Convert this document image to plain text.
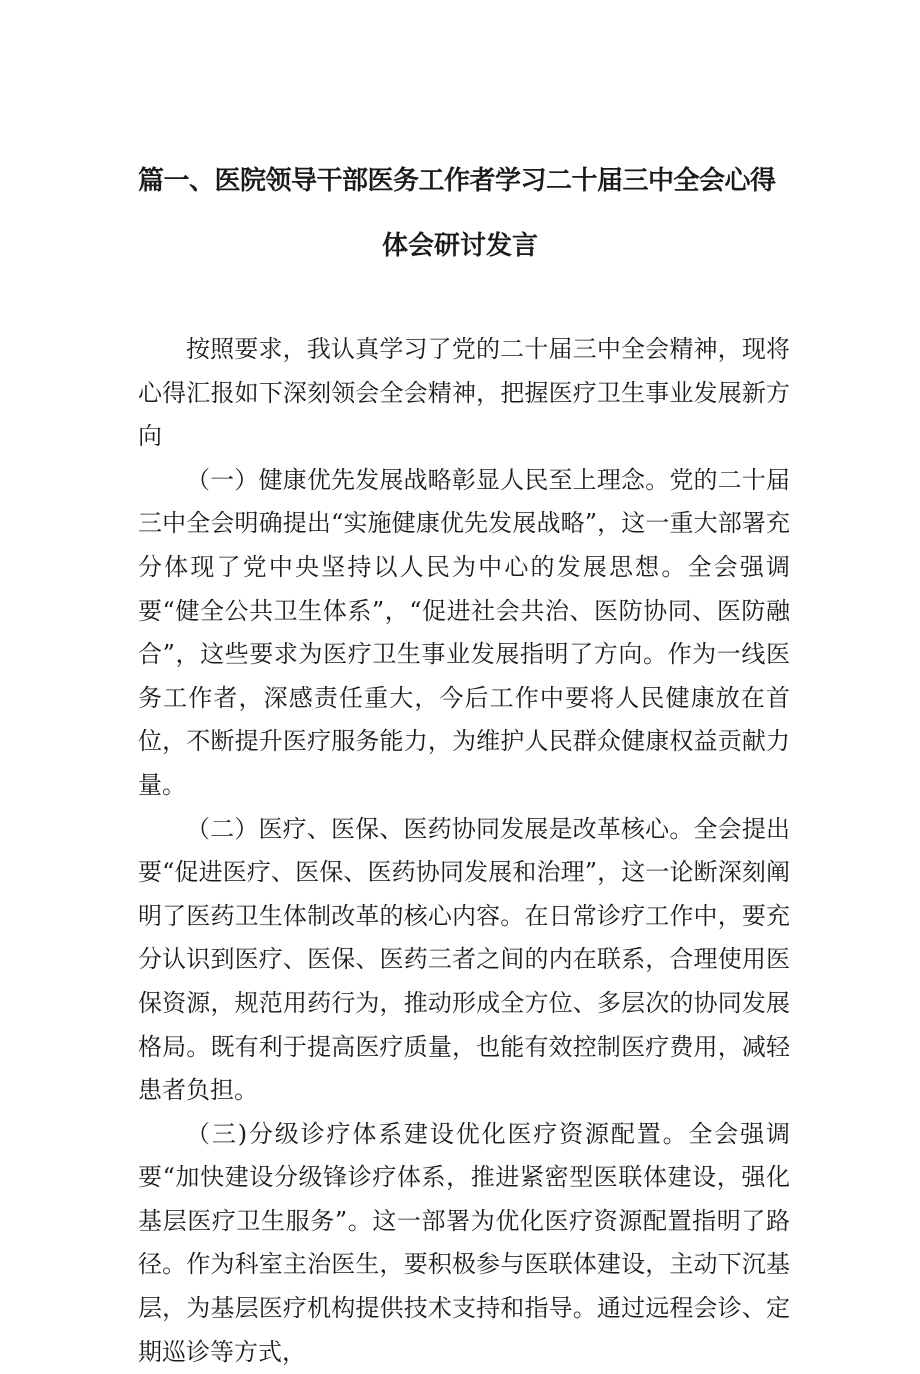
篇一、医院领导干部医务工作者学习二十届三中全会心得
体会研讨发言

按照要求，我认真学习了党的二十届三中全会精神，现将心得汇报如下深刻领会全会精神，把握医疗卫生事业发展新方向

（一）健康优先发展战略彰显人民至上理念。党的二十届三中全会明确提出“实施健康优先发展战略”，这一重大部署充分体现了党中央坚持以人民为中心的发展思想。全会强调要“健全公共卫生体系”，“促进社会共治、医防协同、医防融合”，这些要求为医疗卫生事业发展指明了方向。作为一线医务工作者，深感责任重大，今后工作中要将人民健康放在首位，不断提升医疗服务能力，为维护人民群众健康权益贡献力量。

（二）医疗、医保、医药协同发展是改革核心。全会提出要“促进医疗、医保、医药协同发展和治理”，这一论断深刻阐明了医药卫生体制改革的核心内容。在日常诊疗工作中，要充分认识到医疗、医保、医药三者之间的内在联系，合理使用医保资源，规范用药行为，推动形成全方位、多层次的协同发展格局。既有利于提高医疗质量，也能有效控制医疗费用，减轻患者负担。

（三)分级诊疗体系建设优化医疗资源配置。全会强调要“加快建设分级锋诊疗体系，推进紧密型医联体建设，强化基层医疗卫生服务”。这一部署为优化医疗资源配置指明了路径。作为科室主治医生，要积极参与医联体建设，主动下沉基层，为基层医疗机构提供技术支持和指导。通过远程会诊、定期巡诊等方式，
